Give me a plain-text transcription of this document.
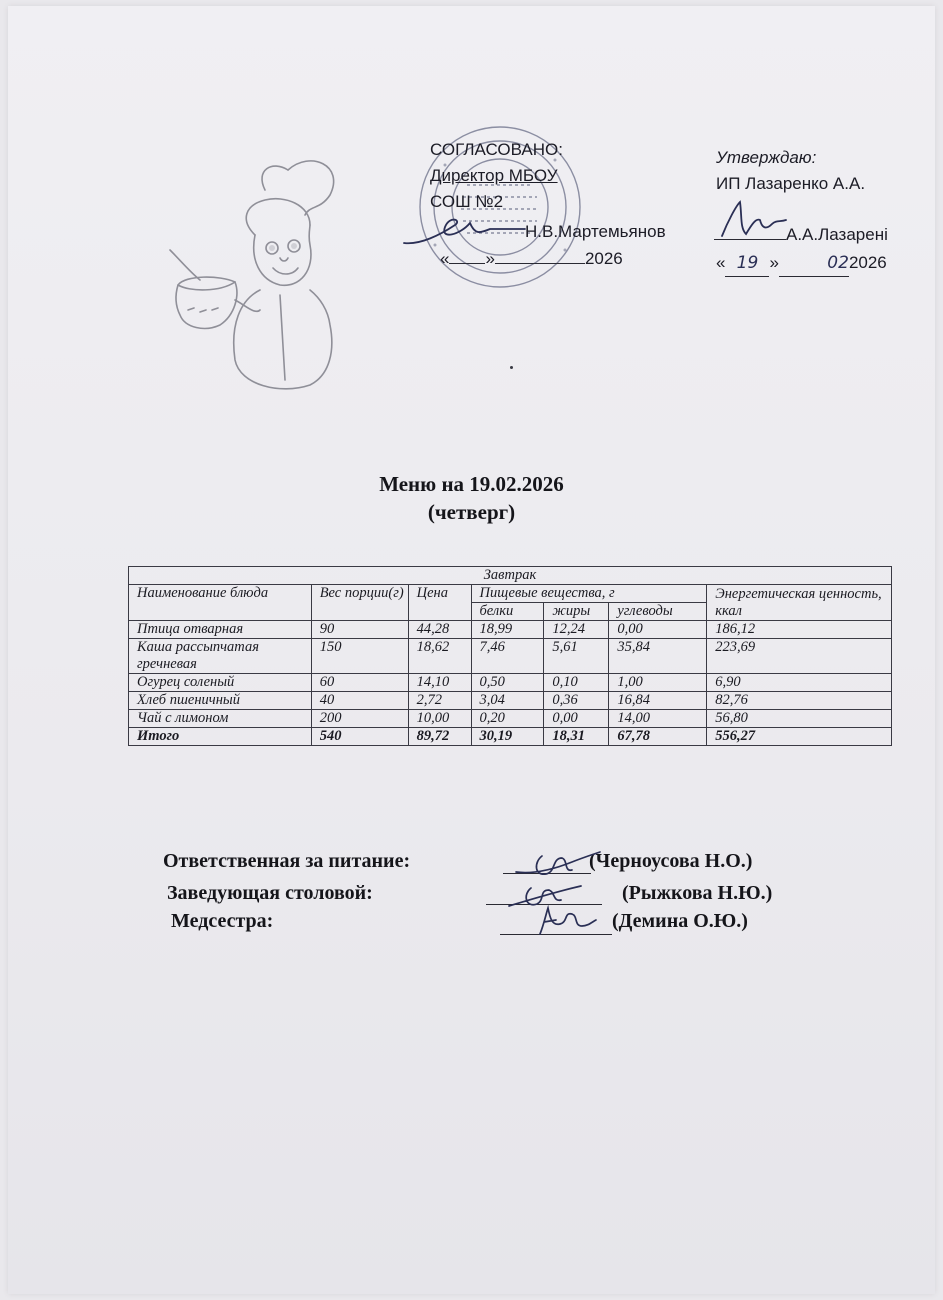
СОГЛАСОВАНО:
Директор МБОУ
СОШ №2
Н.В.Мартемьянов
« »	2026
Утверждаю:
ИП Лазаренко А.А.
А.А.Лазарені
« 19 »	022026
Меню на 19.02.2026
(четверг)
Завтрак						
Наименование блюда	Вес порции(г)	Цена	Пищевые вещества, г			Энергетическая ценность, ккал
			белки	жиры	углеводы	
Птица отварная	90	44,28	18,99	12,24	0,00	186,12
Каша рассыпчатая гречневая	150	18,62	7,46	5,61	35,84	223,69
Огурец соленый	60	14,10	0,50	0,10	1,00	6,90
Хлеб пшеничный	40	2,72	3,04	0,36	16,84	82,76
Чай с лимоном	200	10,00	0,20	0,00	14,00	56,80
Итого	540	89,72	30,19	18,31	67,78	556,27
Ответственная за питание:	(Черноусова Н.О.)
Заведующая столовой:	(Рыжкова Н.Ю.)
Медсестра:	(Демина О.Ю.)
